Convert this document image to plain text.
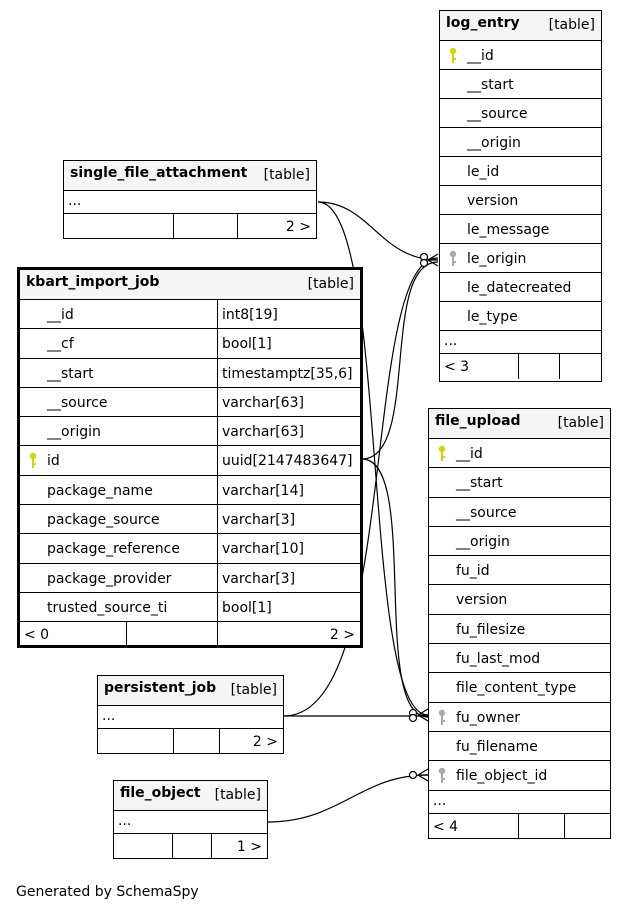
log_entry [table]
__id
__start
__source
__origin
le_id
version
le_message
le_origin
le_datecreated
le_type
...
< 3
single_file_attachment [table]
...
2 >
kbart_import_job	[table]
__id	int8[19]
__cf	bool[1]
__start	timestamptz[35,6]
__source	varchar[63]
__origin	varchar[63]
id	uuid[2147483647]
package_name	varchar[14]
package_source	varchar[3]
package_reference	varchar[10]
package_provider	varchar[3]
trusted_source_ti	bool[1]
< 0	2 >
file_upload	[table]
__id
__start
__source
__origin
fu_id
version
fu_filesize
fu_last_mod
file_content_type
fu_owner
fu_filename
file_object_id
...
< 4
persistent_job [table]
...
2 >
file_object [table]
...
1 >
Generated by SchemaSpy
